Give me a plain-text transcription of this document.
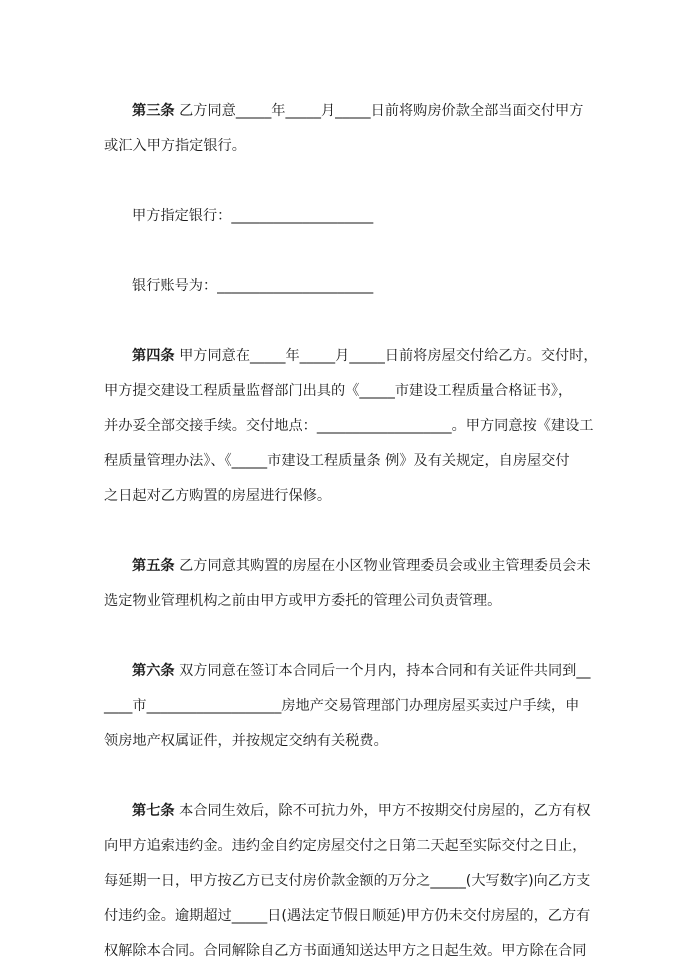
第三条 乙方同意_____年_____月_____日前将购房价款全部当面交付甲方
或汇入甲方指定银行。
甲方指定银行：____________________
银行账号为：______________________
第四条 甲方同意在_____年_____月_____日前将房屋交付给乙方。交付时，
甲方提交建设工程质量监督部门出具的《_____市建设工程质量合格证书》，
并办妥全部交接手续。交付地点：___________________。甲方同意按《建设工
程质量管理办法》、《_____市建设工程质量条 例》及有关规定，自房屋交付
之日起对乙方购置的房屋进行保修。
第五条 乙方同意其购置的房屋在小区物业管理委员会或业主管理委员会未
选定物业管理机构之前由甲方或甲方委托的管理公司负责管理。
第六条 双方同意在签订本合同后一个月内，持本合同和有关证件共同到__
____市___________________房地产交易管理部门办理房屋买卖过户手续，申
领房地产权属证件，并按规定交纳有关税费。
第七条 本合同生效后，除不可抗力外，甲方不按期交付房屋的，乙方有权
向甲方追索违约金。违约金自约定房屋交付之日第二天起至实际交付之日止，
每延期一日，甲方按乙方已支付房价款金额的万分之_____(大写数字)向乙方支
付违约金。逾期超过_____日(遇法定节假日顺延)甲方仍未交付房屋的，乙方有
权解除本合同。合同解除自乙方书面通知送达甲方之日起生效。甲方除在合同
